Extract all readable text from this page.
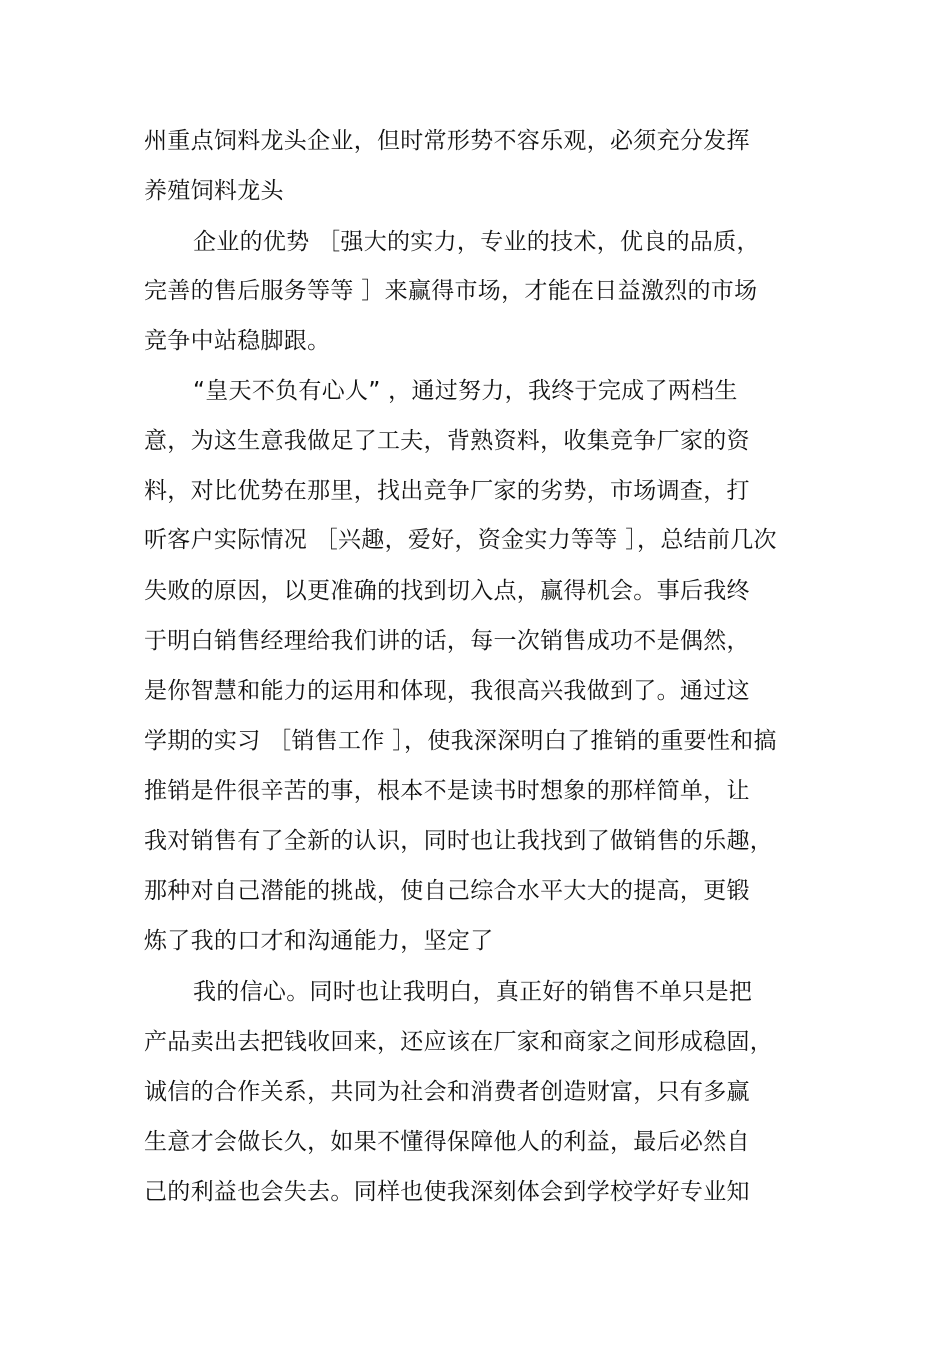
州重点饲料龙头企业，但时常形势不容乐观，必须充分发挥
养殖饲料龙头
企业的优势 ［强大的实力，专业的技术，优良的品质，
完善的售后服务等等 ］来赢得市场，才能在日益激烈的市场
竞争中站稳脚跟。
“皇天不负有心人” ，通过努力，我终于完成了两档生
意，为这生意我做足了工夫，背熟资料，收集竞争厂家的资
料，对比优势在那里，找出竞争厂家的劣势，市场调查，打
听客户实际情况 ［兴趣，爱好，资金实力等等 ］，总结前几次
失败的原因，以更准确的找到切入点，赢得机会。事后我终
于明白销售经理给我们讲的话，每一次销售成功不是偶然，
是你智慧和能力的运用和体现，我很高兴我做到了。通过这
学期的实习 ［销售工作 ］，使我深深明白了推销的重要性和搞
推销是件很辛苦的事，根本不是读书时想象的那样简单，让
我对销售有了全新的认识，同时也让我找到了做销售的乐趣，
那种对自己潜能的挑战，使自己综合水平大大的提高，更锻
炼了我的口才和沟通能力，坚定了
我的信心。同时也让我明白，真正好的销售不单只是把
产品卖出去把钱收回来，还应该在厂家和商家之间形成稳固，
诚信的合作关系，共同为社会和消费者创造财富，只有多赢
生意才会做长久，如果不懂得保障他人的利益，最后必然自
己的利益也会失去。同样也使我深刻体会到学校学好专业知
